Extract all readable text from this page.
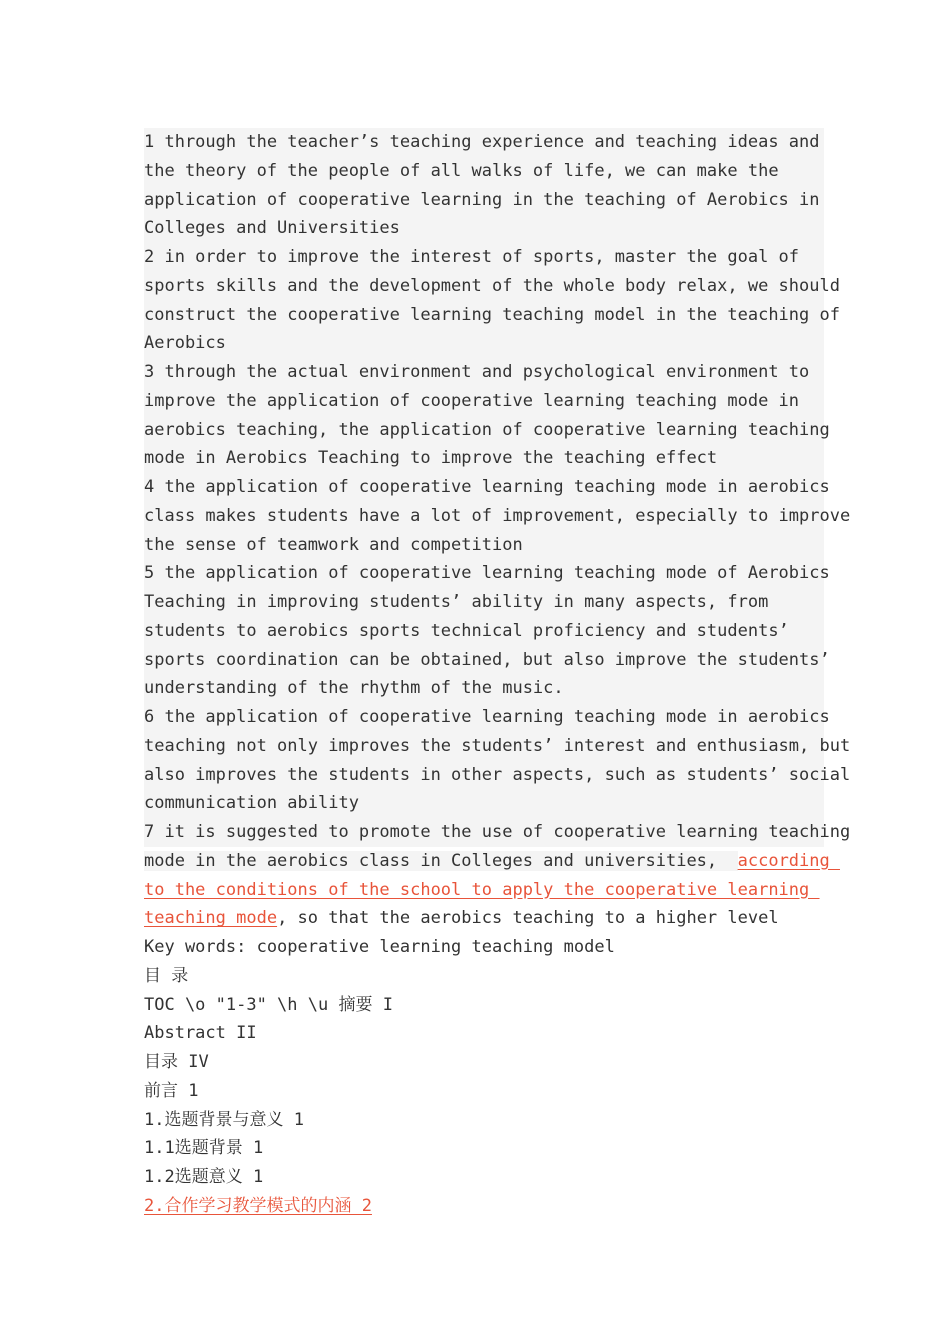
1 through the teacher’s teaching experience and teaching ideas and
the theory of the people of all walks of life, we can make the
application of cooperative learning in the teaching of Aerobics in
Colleges and Universities
2 in order to improve the interest of sports, master the goal of
sports skills and the development of the whole body relax, we should
construct the cooperative learning teaching model in the teaching of
Aerobics
3 through the actual environment and psychological environment to
improve the application of cooperative learning teaching mode in
aerobics teaching, the application of cooperative learning teaching
mode in Aerobics Teaching to improve the teaching effect
4 the application of cooperative learning teaching mode in aerobics
class makes students have a lot of improvement, especially to improve
the sense of teamwork and competition
5 the application of cooperative learning teaching mode of Aerobics
Teaching in improving students’ ability in many aspects, from
students to aerobics sports technical proficiency and students’
sports coordination can be obtained, but also improve the students’
understanding of the rhythm of the music.
6 the application of cooperative learning teaching mode in aerobics
teaching not only improves the students’ interest and enthusiasm, but
also improves the students in other aspects, such as students’ social
communication ability
7 it is suggested to promote the use of cooperative learning teaching
mode in the aerobics class in Colleges and universities,  according
to the conditions of the school to apply the cooperative learning
teaching mode, so that the aerobics teaching to a higher level
Key words: cooperative learning teaching model
目 录
TOC \o "1-3" \h \u 摘要 I
Abstract II
目录 IV
前言 1
1.选题背景与意义 1
1.1选题背景 1
1.2选题意义 1
2.合作学习教学模式的内涵 2
